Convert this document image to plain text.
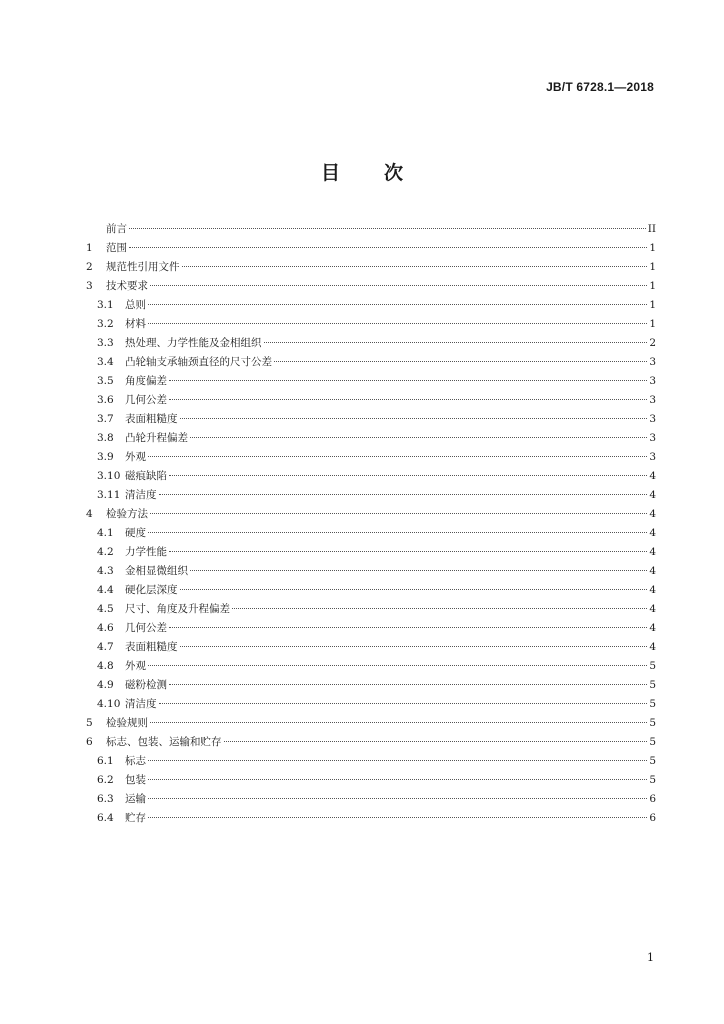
JB/T 6728.1—2018
目 次
前言	II
1	范围	1
2	规范性引用文件	1
3	技术要求	1
3.1	总则	1
3.2	材料	1
3.3	热处理、力学性能及金相组织	2
3.4	凸轮轴支承轴颈直径的尺寸公差	3
3.5	角度偏差	3
3.6	几何公差	3
3.7	表面粗糙度	3
3.8	凸轮升程偏差	3
3.9	外观	3
3.10 磁痕缺陷	4
3.11 清洁度	4
4	检验方法	4
4.1	硬度	4
4.2	力学性能	4
4.3	金相显微组织	4
4.4	硬化层深度	4
4.5	尺寸、角度及升程偏差	4
4.6	几何公差	4
4.7	表面粗糙度	4
4.8	外观	5
4.9	磁粉检测	5
4.10 清洁度	5
5	检验规则	5
6	标志、包装、运输和贮存	5
6.1	标志	5
6.2	包装	5
6.3	运输	6
6.4	贮存	6
1
